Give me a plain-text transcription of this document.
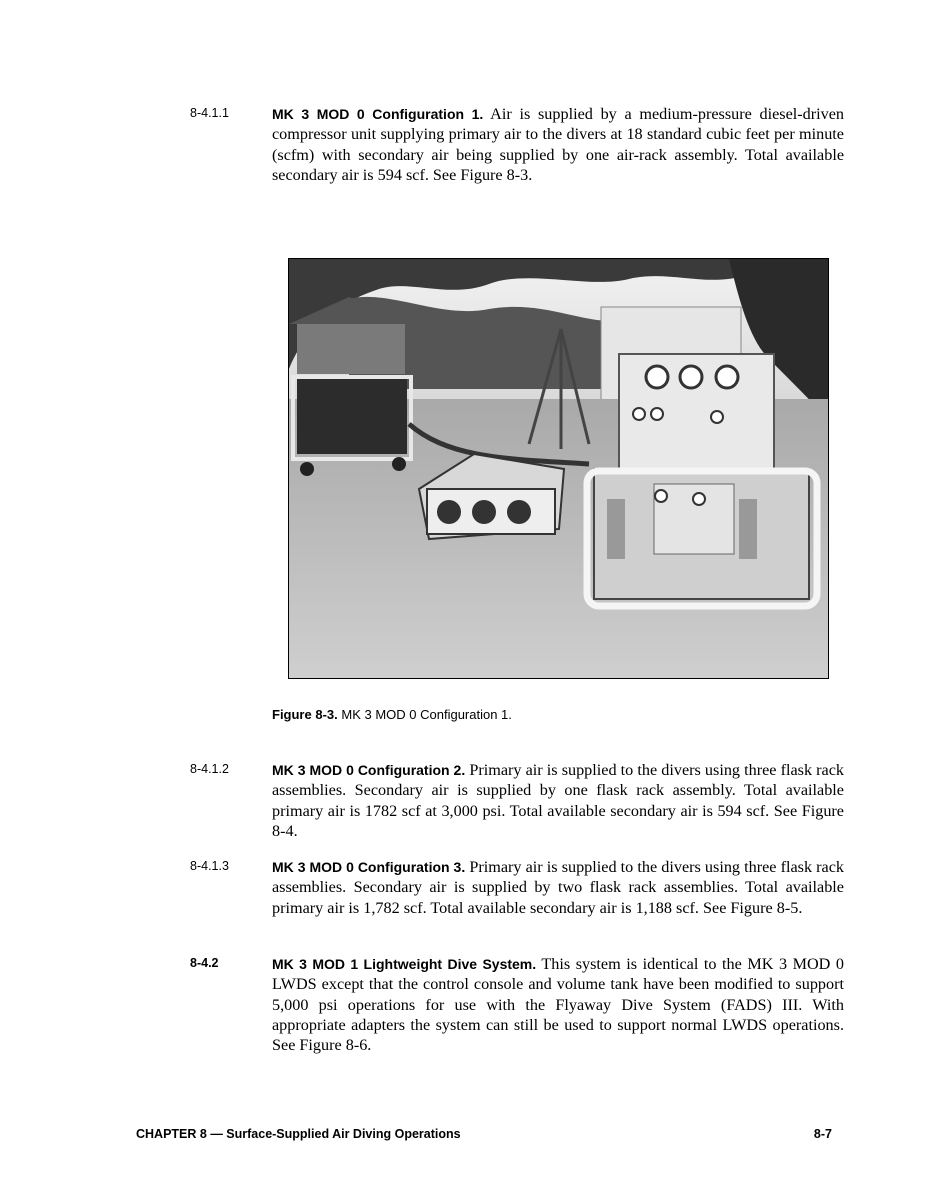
8-4.1.1	MK 3 MOD 0 Configuration 1. Air is supplied by a medium-pressure diesel-driven compressor unit supplying primary air to the divers at 18 standard cubic feet per minute (scfm) with secondary air being supplied by one air-rack assembly. Total available secondary air is 594 scf. See Figure 8-3.
Figure 8-3. MK 3 MOD 0 Configuration 1.
8-4.1.2	MK 3 MOD 0 Configuration 2. Primary air is supplied to the divers using three flask rack assemblies. Secondary air is supplied by one flask rack assembly. Total available primary air is 1782 scf at 3,000 psi. Total available secondary air is 594 scf. See Figure 8-4.
8-4.1.3	MK 3 MOD 0 Configuration 3. Primary air is supplied to the divers using three flask rack assemblies. Secondary air is supplied by two flask rack assemblies. Total available primary air is 1,782 scf. Total available secondary air is 1,188 scf. See Figure 8-5.
8-4.2	MK 3 MOD 1 Lightweight Dive System. This system is identical to the MK 3 MOD 0 LWDS except that the control console and volume tank have been modified to support 5,000 psi operations for use with the Flyaway Dive System (FADS) III. With appropriate adapters the system can still be used to support normal LWDS operations. See Figure 8-6.
CHAPTER 8 — Surface-Supplied Air Diving Operations	8-7
